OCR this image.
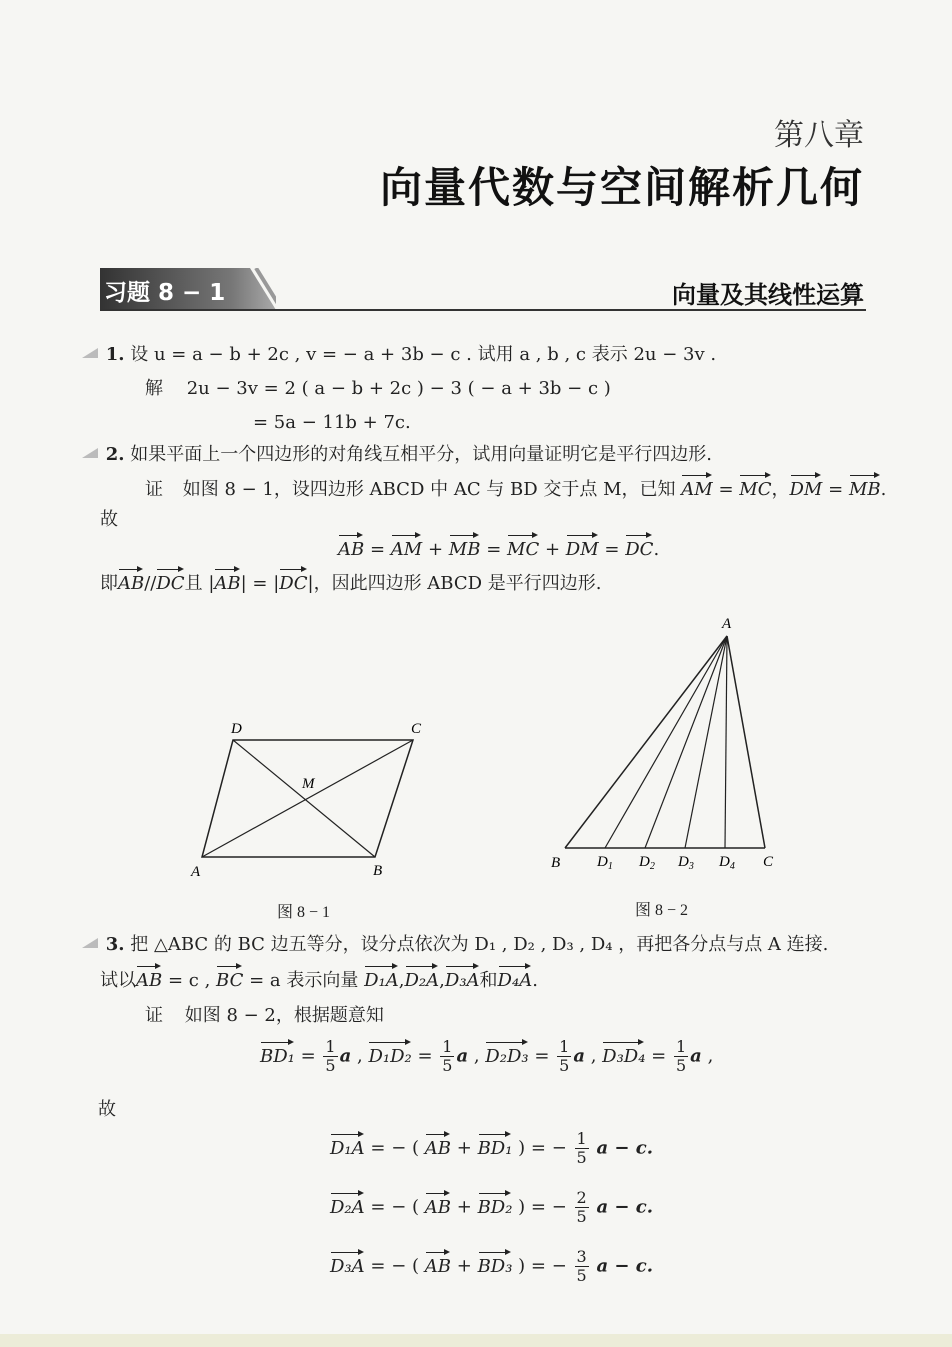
第八章
向量代数与空间解析几何
习题 8 − 1	向量及其线性运算
1. 设 u = a − b + 2c , v = − a + 3b − c . 试用 a , b , c 表示 2u − 3v .
解 2u − 3v = 2 ( a − b + 2c ) − 3 ( − a + 3b − c )
= 5a − 11b + 7c.
2. 如果平面上一个四边形的对角线互相平分，试用向量证明它是平行四边形.
证 如图 8 − 1，设四边形 ABCD 中 AC 与 BD 交于点 M，已知 AM = MC，DM = MB.
故
AB = AM + MB = MC + DM = DC.
即AB//DC且 |AB| = |DC|，因此四边形 ABCD 是平行四边形.
A	B
C
D
M
图 8 − 1
A
B	C
$D_1$ $D_2$ $D_3$ $D_4$
图 8 − 2
3. 把 △ABC 的 BC 边五等分，设分点依次为 D₁ , D₂ , D₃ , D₄ ，再把各分点与点 A 连接.
试以AB = c , BC = a 表示向量 D₁A,D₂A,D₃A和D₄A.
证 如图 8 − 2，根据题意知
$BD_1 = \frac{1}{5}$ a , $D_1D_2 = \frac{1}{5}$ a , $D_2D_3 = \frac{1}{5}$ a , $D_3D_4 = \frac{1}{5}$ a ,
故
D₁A = − ( AB + BD₁ ) = − $\frac{1}{5}$ a − c.
D₂A = − ( AB + BD₂ ) = − $\frac{2}{5}$ a − c.
D₃A = − ( AB + BD₃ ) = − $\frac{3}{5}$ a − c.
